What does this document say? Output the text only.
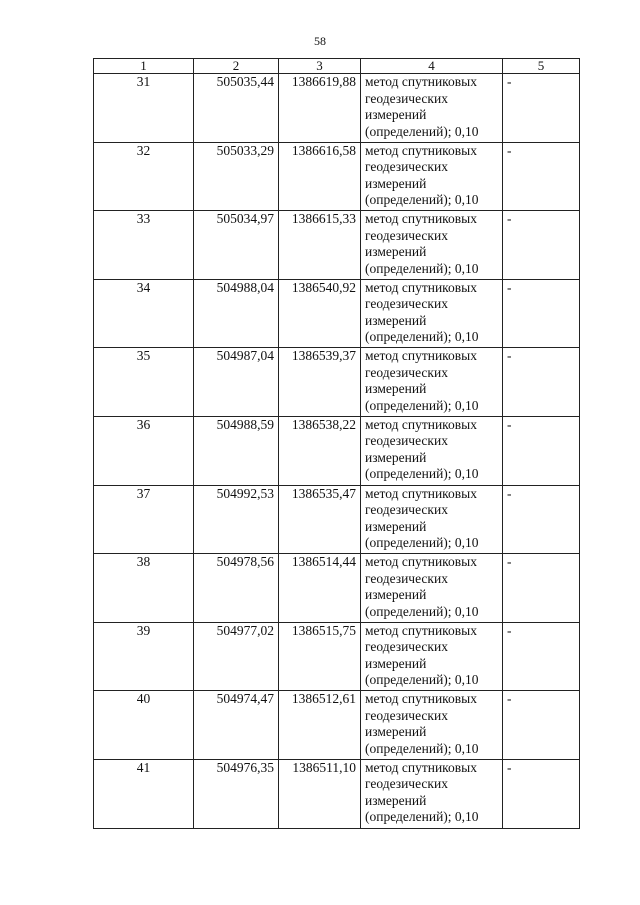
58
1	2	3	4	5
31	505035,44	1386619,88	метод спутниковых
геодезических
измерений
(определений); 0,10	-
32	505033,29	1386616,58	метод спутниковых
геодезических
измерений
(определений); 0,10	-
33	505034,97	1386615,33	метод спутниковых
геодезических
измерений
(определений); 0,10	-
34	504988,04	1386540,92	метод спутниковых
геодезических
измерений
(определений); 0,10	-
35	504987,04	1386539,37	метод спутниковых
геодезических
измерений
(определений); 0,10	-
36	504988,59	1386538,22	метод спутниковых
геодезических
измерений
(определений); 0,10	-
37	504992,53	1386535,47	метод спутниковых
геодезических
измерений
(определений); 0,10	-
38	504978,56	1386514,44	метод спутниковых
геодезических
измерений
(определений); 0,10	-
39	504977,02	1386515,75	метод спутниковых
геодезических
измерений
(определений); 0,10	-
40	504974,47	1386512,61	метод спутниковых
геодезических
измерений
(определений); 0,10	-
41	504976,35	1386511,10	метод спутниковых
геодезических
измерений
(определений); 0,10	-
